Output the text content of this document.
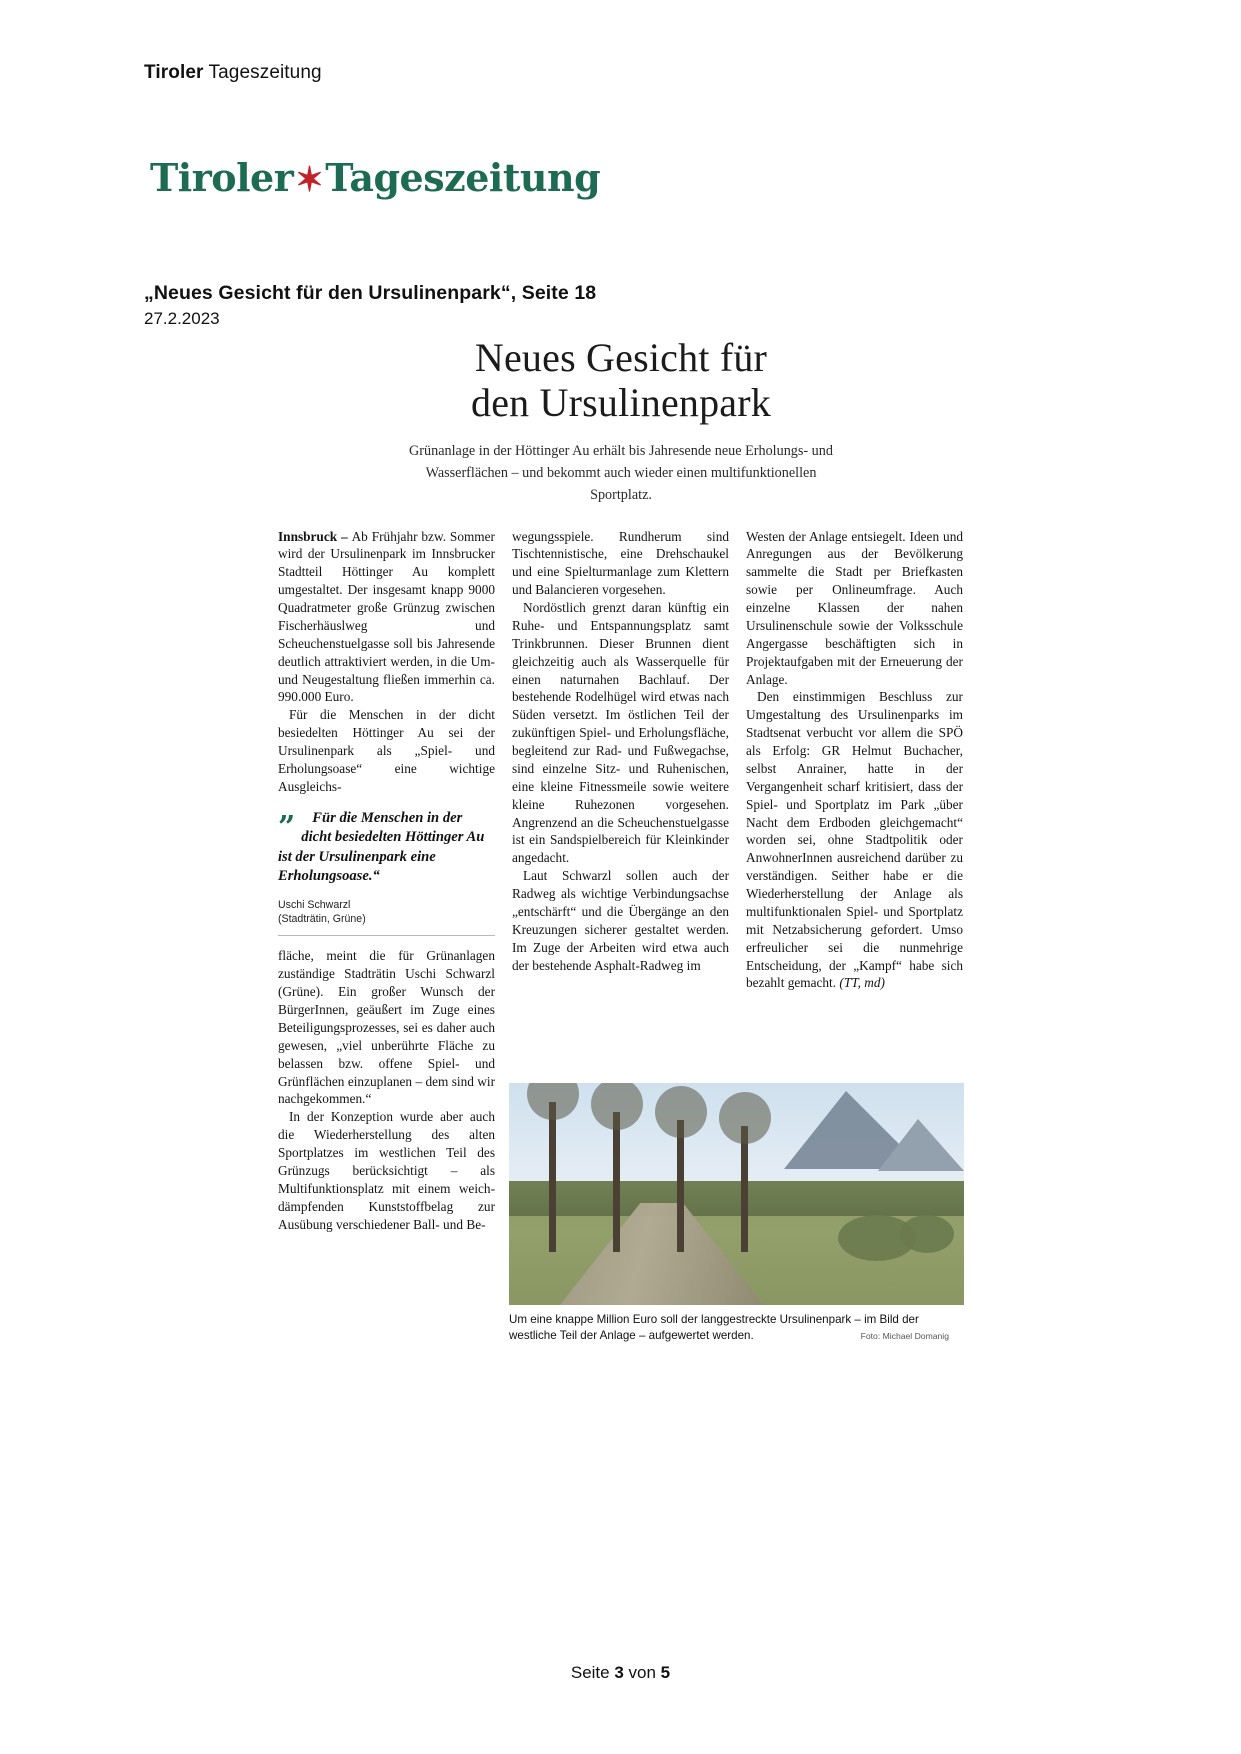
Tiroler Tageszeitung
Tiroler ✶ Tageszeitung
„Neues Gesicht für den Ursulinenpark“, Seite 18
27.2.2023
Neues Gesicht für
den Ursulinenpark
Grünanlage in der Höttinger Au erhält bis Jahresende neue Erholungs- und Wasserflächen – und bekommt auch wieder einen multifunktionellen Sportplatz.

Innsbruck – Ab Frühjahr bzw. Sommer wird der Ursulinenpark im Innsbrucker Stadtteil Höttinger Au komplett umgestaltet. Der insgesamt knapp 9000 Quadratmeter große Grünzug zwischen Fischerhäuslweg und Scheuchenstuelgasse soll bis Jahresende deutlich attraktiviert werden, in die Um- und Neugestaltung fließen immerhin ca. 990.000 Euro.

Für die Menschen in der dicht besiedelten Höttinger Au sei der Ursulinenpark als „Spiel- und Erholungsoase“ eine wichtige Ausgleichs-

”	Für die Menschen in der dicht besiedelten Höttinger Au ist der Ursulinenpark eine Erholungsoase.“

Uschi Schwarzl
(Stadträtin, Grüne)

fläche, meint die für Grünanlagen zuständige Stadträtin Uschi Schwarzl (Grüne). Ein großer Wunsch der BürgerInnen, geäußert im Zuge eines Beteiligungsprozesses, sei es daher auch gewesen, „viel unberührte Fläche zu belassen bzw. offene Spiel- und Grünflächen einzuplanen – dem sind wir nachgekommen.“

In der Konzeption wurde aber auch die Wiederherstellung des alten Sportplatzes im westlichen Teil des Grünzugs berücksichtigt – als Multifunktionsplatz mit einem weich-dämpfenden Kunststoffbelag zur Ausübung verschiedener Ball- und Be-

wegungsspiele. Rundherum sind Tischtennistische, eine Drehschaukel und eine Spielturmanlage zum Klettern und Balancieren vorgesehen.

Nordöstlich grenzt daran künftig ein Ruhe- und Entspannungsplatz samt Trinkbrunnen. Dieser Brunnen dient gleichzeitig auch als Wasserquelle für einen naturnahen Bachlauf. Der bestehende Rodelhügel wird etwas nach Süden versetzt. Im östlichen Teil der zukünftigen Spiel- und Erholungsfläche, begleitend zur Rad- und Fußwegachse, sind einzelne Sitz- und Ruhenischen, eine kleine Fitnessmeile sowie weitere kleine Ruhezonen vorgesehen. Angrenzend an die Scheuchenstuelgasse ist ein Sandspielbereich für Kleinkinder angedacht.

Laut Schwarzl sollen auch der Radweg als wichtige Verbindungsachse „entschärft“ und die Übergänge an den Kreuzungen sicherer gestaltet werden. Im Zuge der Arbeiten wird etwa auch der bestehende Asphalt-Radweg im

Westen der Anlage entsiegelt. Ideen und Anregungen aus der Bevölkerung sammelte die Stadt per Briefkasten sowie per Onlineumfrage. Auch einzelne Klassen der nahen Ursulinenschule sowie der Volksschule Angergasse beschäftigten sich in Projektaufgaben mit der Erneuerung der Anlage.

Den einstimmigen Beschluss zur Umgestaltung des Ursulinenparks im Stadtsenat verbucht vor allem die SPÖ als Erfolg: GR Helmut Buchacher, selbst Anrainer, hatte in der Vergangenheit scharf kritisiert, dass der Spiel- und Sportplatz im Park „über Nacht dem Erdboden gleichgemacht“ worden sei, ohne Stadtpolitik oder AnwohnerInnen ausreichend darüber zu verständigen. Seither habe er die Wiederherstellung der Anlage als multifunktionalen Spiel- und Sportplatz mit Netzabsicherung gefordert. Umso erfreulicher sei die nunmehrige Entscheidung, der „Kampf“ habe sich bezahlt gemacht. (TT, md)

Um eine knappe Million Euro soll der langgestreckte Ursulinenpark – im Bild der westliche Teil der Anlage – aufgewertet werden.	Foto: Michael Domanig
Seite 3 von 5
